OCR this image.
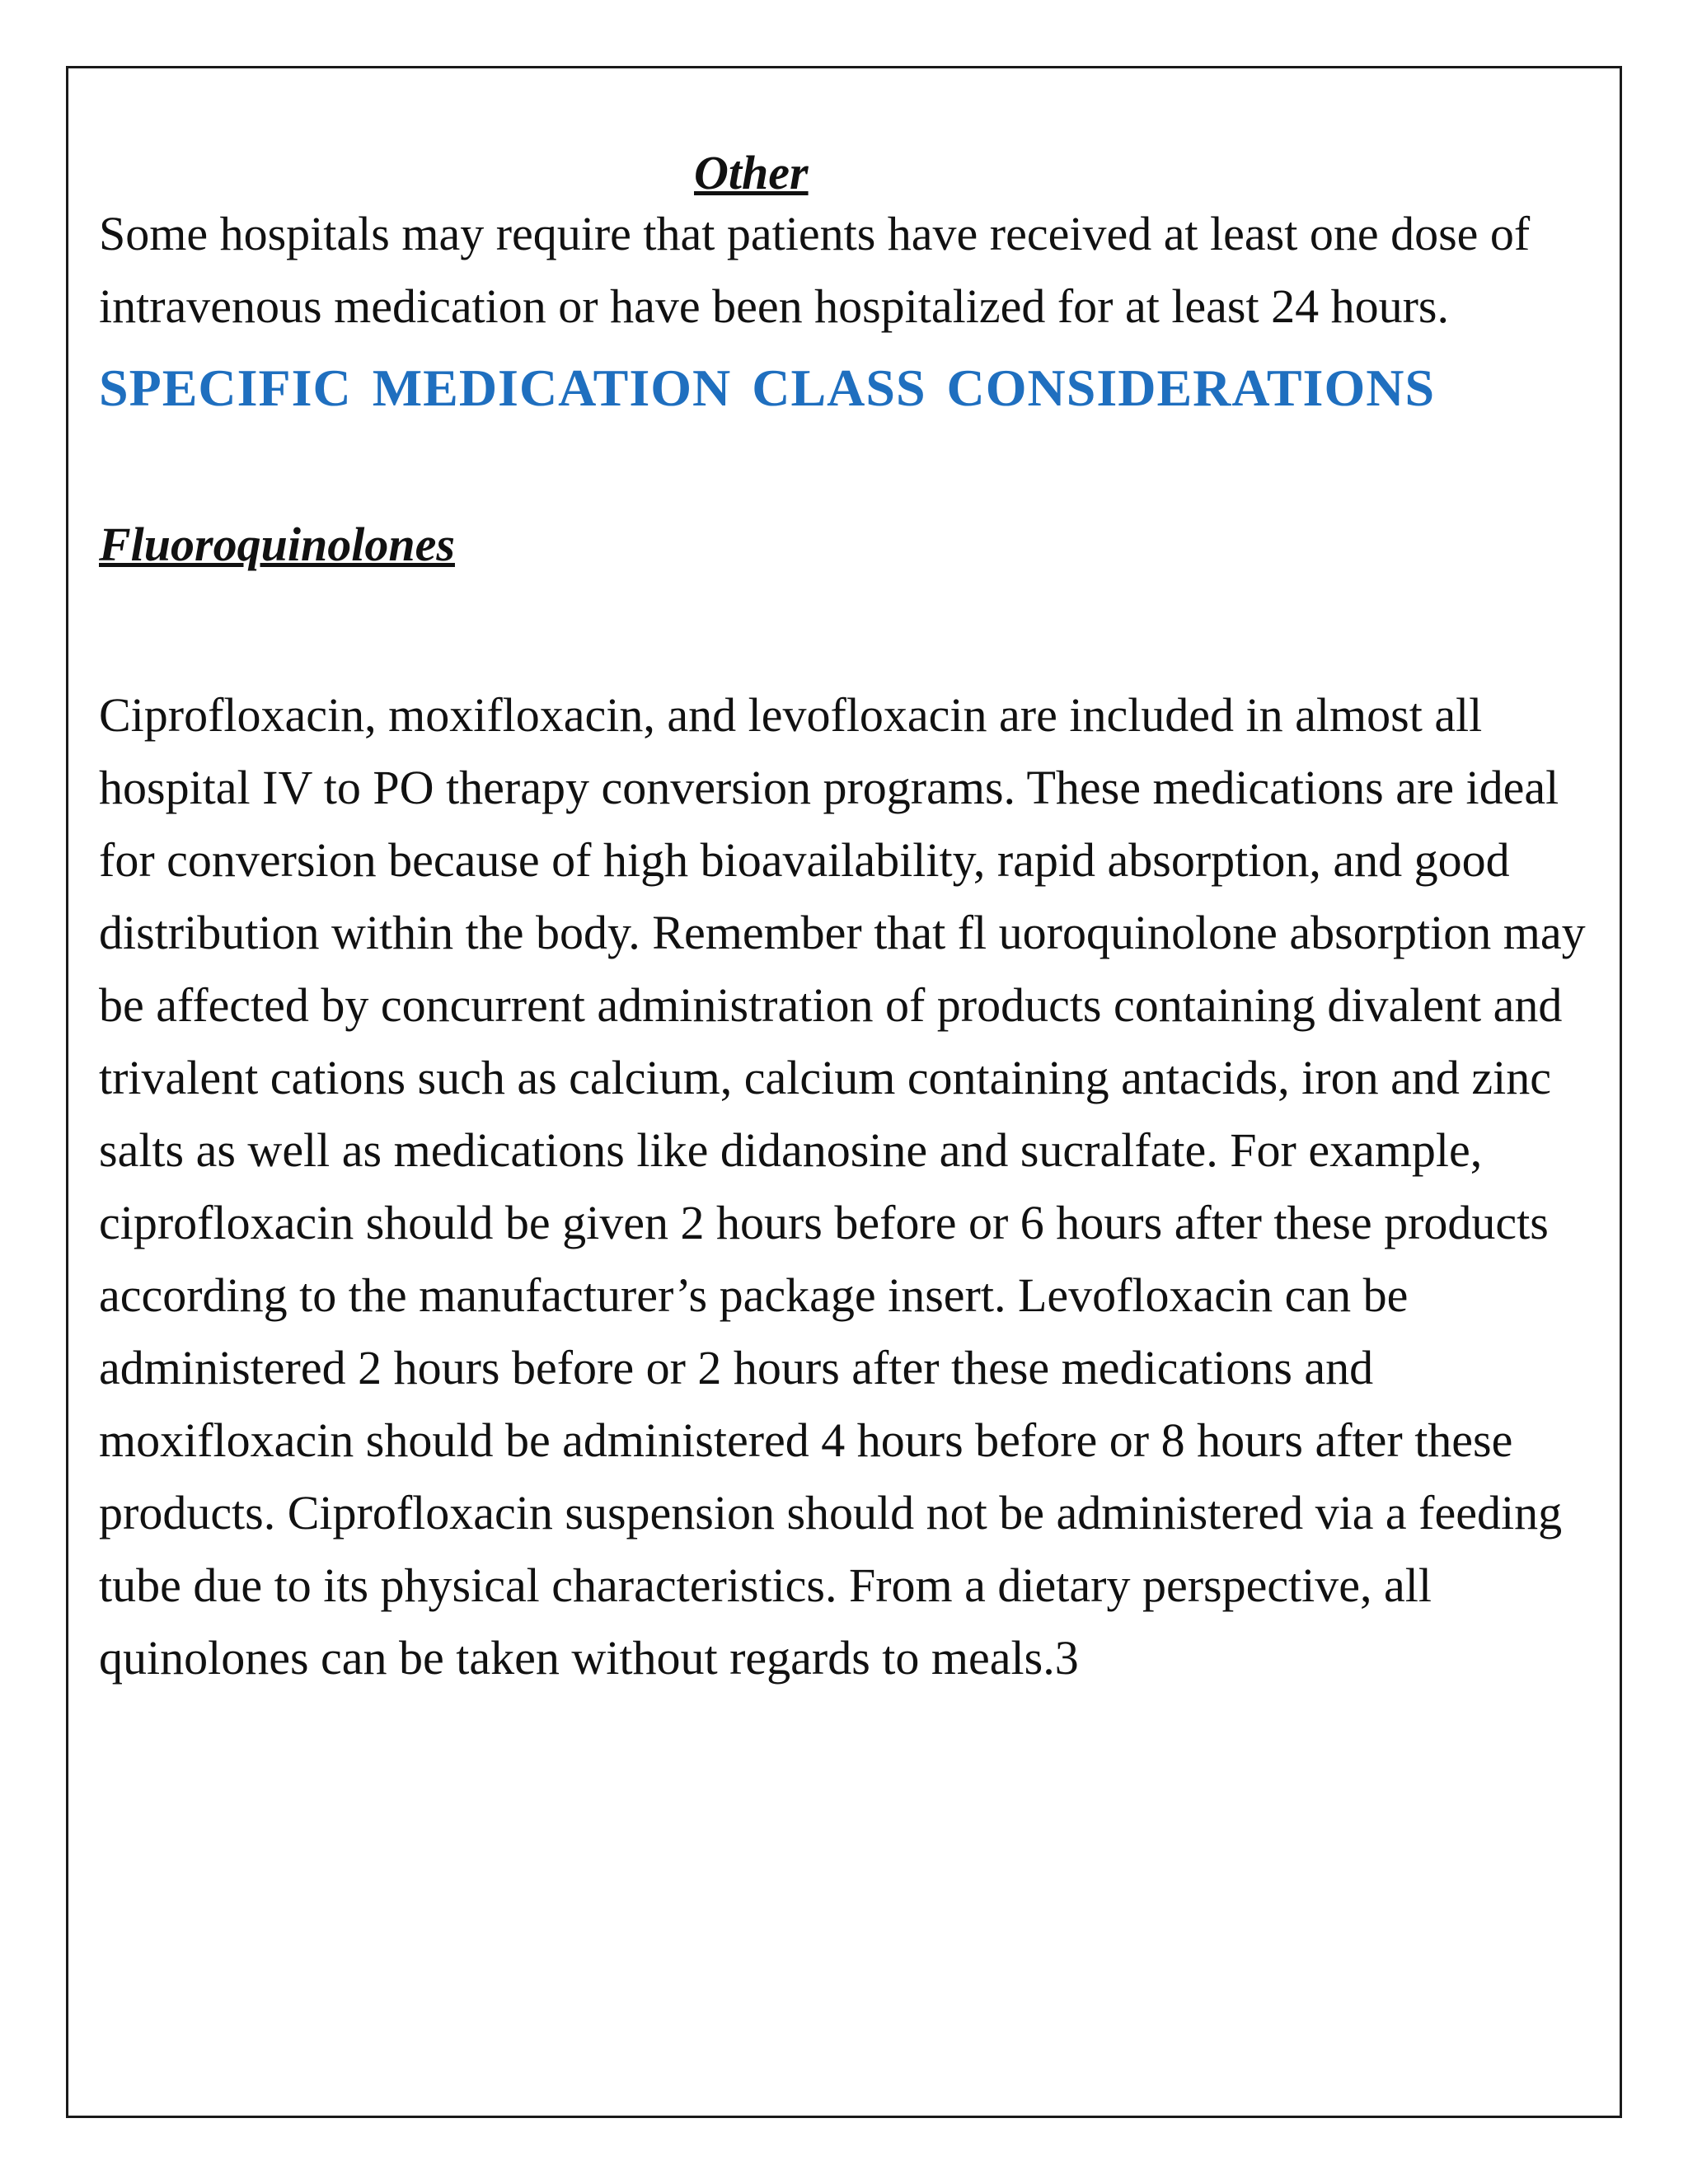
Other

Some hospitals may require that patients have received at least one dose of intravenous medication or have been hospitalized for at least 24 hours.

SPECIFIC MEDICATION CLASS CONSIDERATIONS
Fluoroquinolones

Ciprofloxacin, moxifloxacin, and levofloxacin are included in almost all hospital IV to PO therapy conversion programs. These medications are ideal for conversion because of high bioavailability, rapid absorption, and good distribution within the body. Remember that fl uoroquinolone absorption may be affected by concurrent administration of products containing divalent and trivalent cations such as calcium, calcium containing antacids, iron and zinc salts as well as medications like didanosine and sucralfate. For example, ciprofloxacin should be given 2 hours before or 6 hours after these products according to the manufacturer’s package insert. Levofloxacin can be administered 2 hours before or 2 hours after these medications and moxifloxacin should be administered 4 hours before or 8 hours after these products. Ciprofloxacin suspension should not be administered via a feeding tube due to its physical characteristics. From a dietary perspective, all quinolones can be taken without regards to meals.3
